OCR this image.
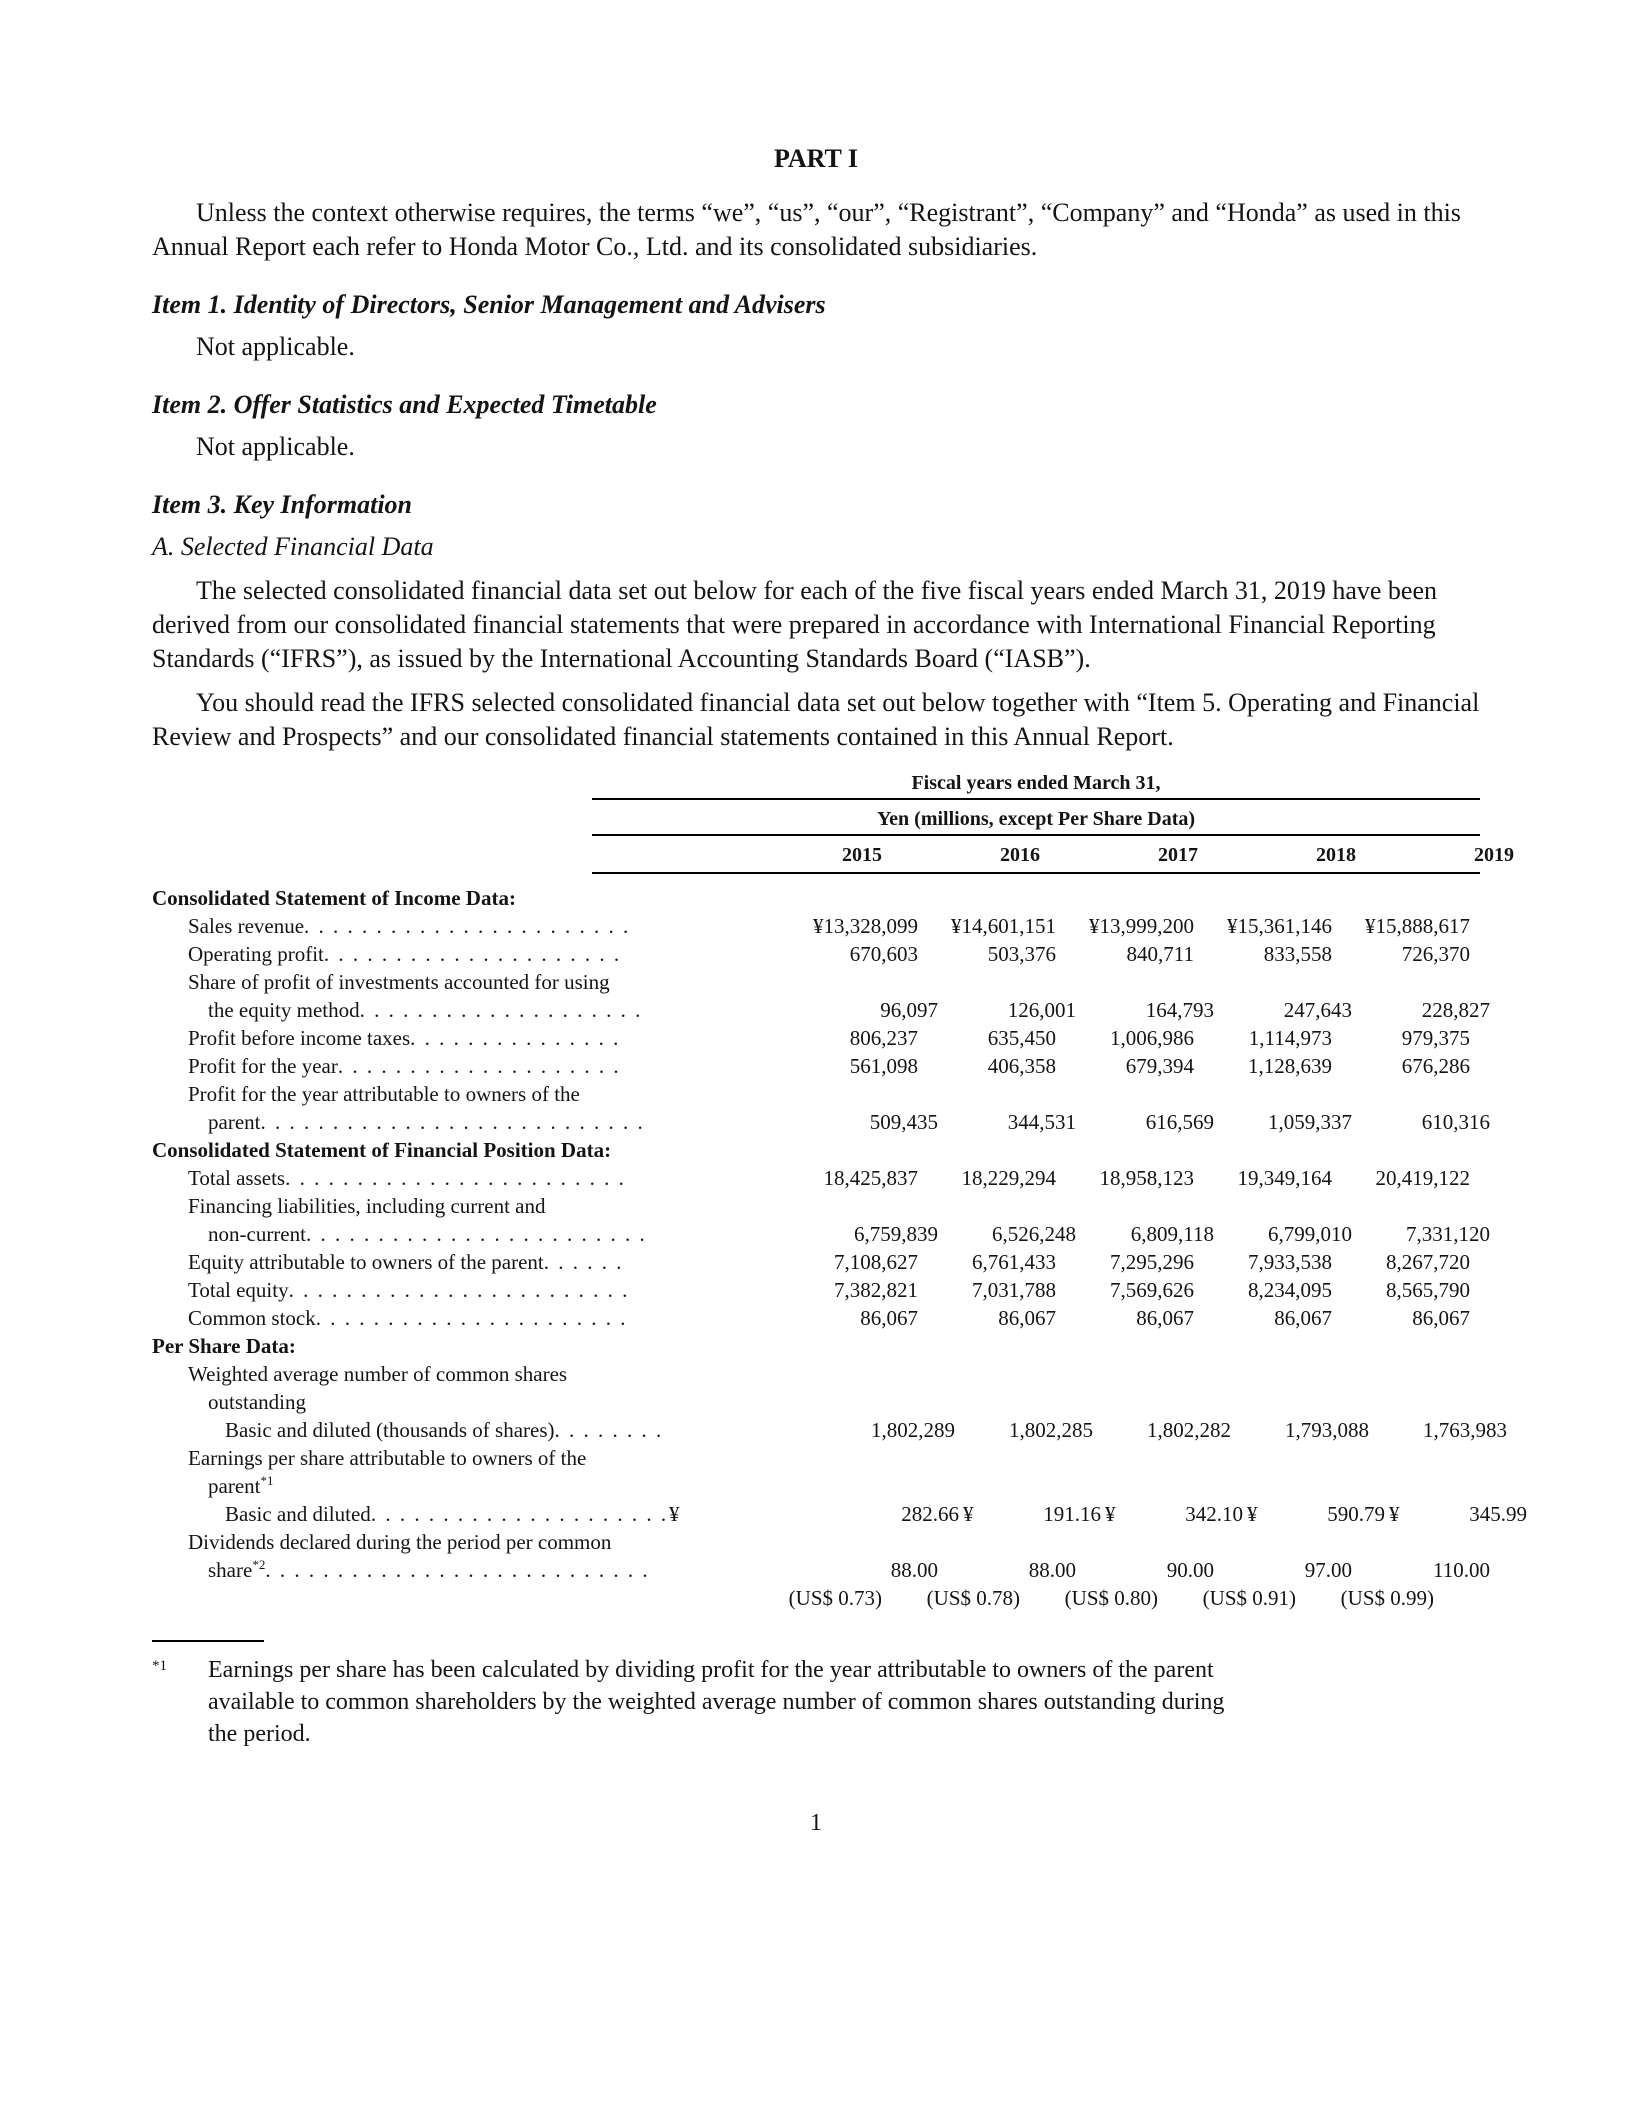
PART I

Unless the context otherwise requires, the terms “we”, “us”, “our”, “Registrant”, “Company” and “Honda” as used in this Annual Report each refer to Honda Motor Co., Ltd. and its consolidated subsidiaries.

Item 1. Identity of Directors, Senior Management and Advisers

Not applicable.

Item 2. Offer Statistics and Expected Timetable

Not applicable.

Item 3. Key Information
A. Selected Financial Data

The selected consolidated financial data set out below for each of the five fiscal years ended March 31, 2019 have been derived from our consolidated financial statements that were prepared in accordance with International Financial Reporting Standards (“IFRS”), as issued by the International Accounting Standards Board (“IASB”).

You should read the IFRS selected consolidated financial data set out below together with “Item 5. Operating and Financial Review and Prospects” and our consolidated financial statements contained in this Annual Report.

Fiscal years ended March 31,
Yen (millions, except Per Share Data)
2015	2016	2017	2018	2019
Consolidated Statement of Income Data:
Sales revenue . . .	¥13,328,099	¥14,601,151	¥13,999,200	¥15,361,146	¥15,888,617
Operating profit . . .	670,603	503,376	840,711	833,558	726,370
Share of profit of investments accounted for using
the equity method . . .	96,097	126,001	164,793	247,643	228,827
Profit before income taxes . . .	806,237	635,450	1,006,986	1,114,973	979,375
Profit for the year . . .	561,098	406,358	679,394	1,128,639	676,286
Profit for the year attributable to owners of the
parent . . .	509,435	344,531	616,569	1,059,337	610,316
Consolidated Statement of Financial Position Data:
Total assets . . .	18,425,837	18,229,294	18,958,123	19,349,164	20,419,122
Financing liabilities, including current and
non-current . . .	6,759,839	6,526,248	6,809,118	6,799,010	7,331,120
Equity attributable to owners of the parent . . .	7,108,627	6,761,433	7,295,296	7,933,538	8,267,720
Total equity . . .	7,382,821	7,031,788	7,569,626	8,234,095	8,565,790
Common stock . . .	86,067	86,067	86,067	86,067	86,067
Per Share Data:
Weighted average number of common shares
outstanding
Basic and diluted (thousands of shares) . . .	1,802,289	1,802,285	1,802,282	1,793,088	1,763,983
Earnings per share attributable to owners of the
parent$^{*1}$
Basic and diluted . . .	¥	282.66 ¥	191.16 ¥	342.10 ¥	590.79 ¥	345.99
Dividends declared during the period per common
share$^{*2}$ . . .	88.00	88.00	90.00	97.00	110.00
(US$ 0.73)	(US$ 0.78)	(US$ 0.80)	(US$ 0.91)	(US$ 0.99)
*1	Earnings per share has been calculated by dividing profit for the year attributable to owners of the parent available to common shareholders by the weighted average number of common shares outstanding during the period.
1
